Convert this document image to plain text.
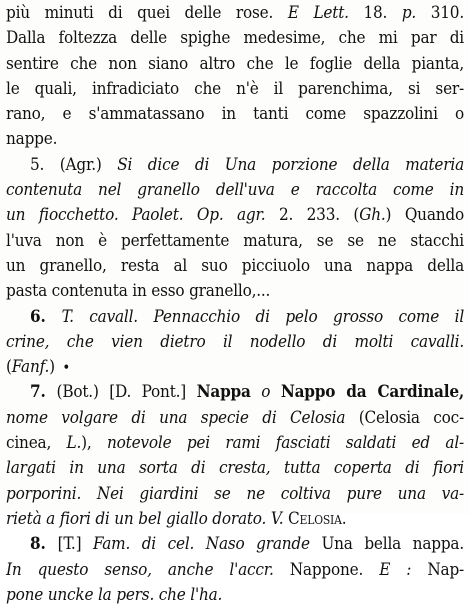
più minuti di quei delle rose. E Lett. 18. p. 310.
Dalla foltezza delle spighe medesime, che mi par di
sentire che non siano altro che le foglie della pianta,
le quali, infradiciato che n'è il parenchima, si ser-
rano, e s'ammatassano in tanti come spazzolini o
nappe.
5. (Agr.) Si dice di Una porzione della materia
contenuta nel granello dell'uva e raccolta come in
un fiocchetto. Paolet. Op. agr. 2. 233. (Gh.) Quando
l'uva non è perfettamente matura, se se ne stacchi
un granello, resta al suo picciuolo una nappa della
pasta contenuta in esso granello,...
6. T. cavall. Pennacchio di pelo grosso come il
crine, che vien dietro il nodello di molti cavalli.
(Fanf.) •
7. (Bot.) [D. Pont.] Nappa o Nappo da Cardinale,
nome volgare di una specie di Celosia (Celosia coc-
cinea, L.), notevole pei rami fasciati saldati ed al-
largati in una sorta di cresta, tutta coperta di fiori
porporini. Nei giardini se ne coltiva pure una va-
rietà a fiori di un bel giallo dorato. V. Celosia.
8. [T.] Fam. di cel. Naso grande Una bella nappa.
In questo senso, anche l'accr. Nappone. E : Nap-
pone uncke la pers. che l'ha.
